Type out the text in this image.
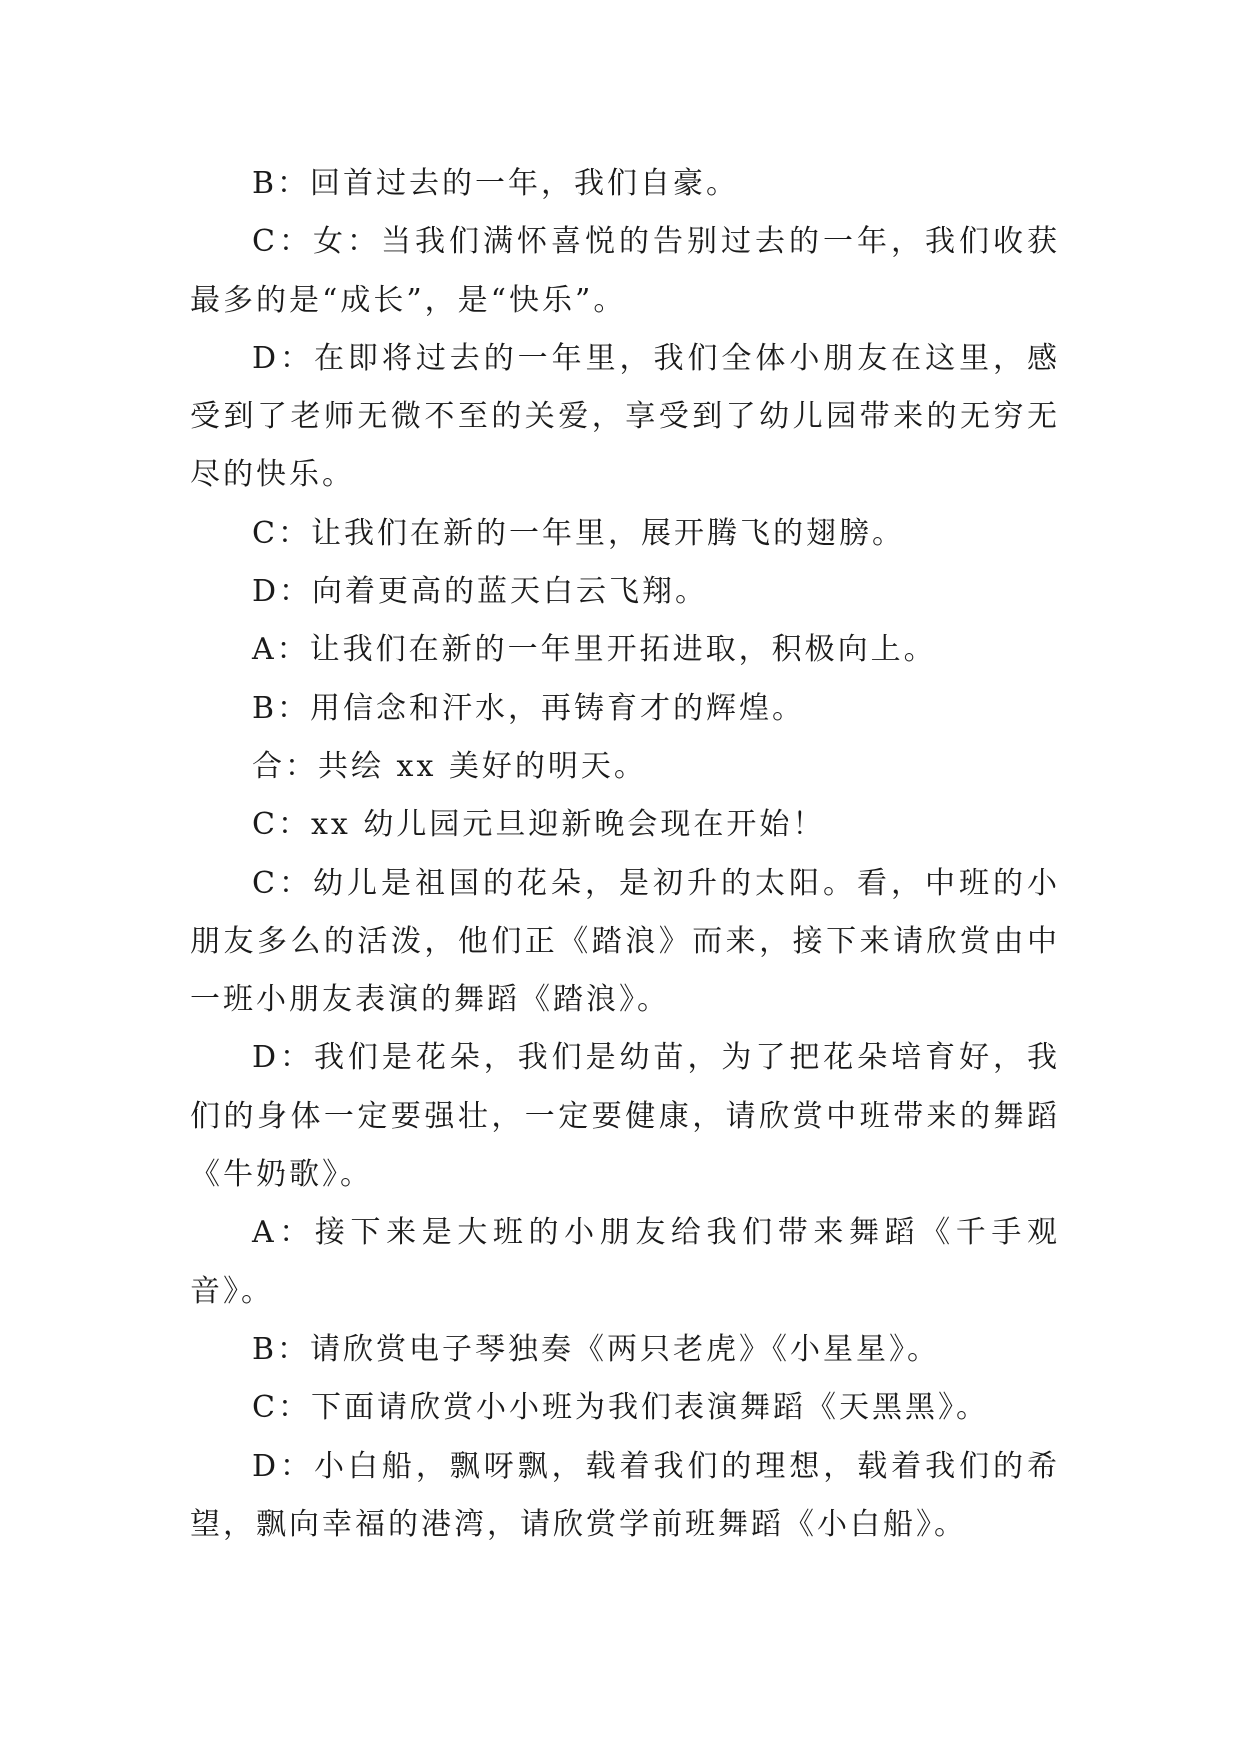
B：回首过去的一年，我们自豪。

C：女：当我们满怀喜悦的告别过去的一年，我们收获最多的是“成长”，是“快乐”。

D：在即将过去的一年里，我们全体小朋友在这里，感受到了老师无微不至的关爱，享受到了幼儿园带来的无穷无尽的快乐。

C：让我们在新的一年里，展开腾飞的翅膀。

D：向着更高的蓝天白云飞翔。

A：让我们在新的一年里开拓进取，积极向上。

B：用信念和汗水，再铸育才的辉煌。

合：共绘 xx 美好的明天。

C：xx 幼儿园元旦迎新晚会现在开始！

C：幼儿是祖国的花朵，是初升的太阳。看，中班的小朋友多么的活泼，他们正《踏浪》而来，接下来请欣赏由中一班小朋友表演的舞蹈《踏浪》。

D：我们是花朵，我们是幼苗，为了把花朵培育好，我们的身体一定要强壮，一定要健康，请欣赏中班带来的舞蹈《牛奶歌》。

A：接下来是大班的小朋友给我们带来舞蹈《千手观音》。

B：请欣赏电子琴独奏《两只老虎》《小星星》。

C：下面请欣赏小小班为我们表演舞蹈《天黑黑》。

D：小白船，飘呀飘，载着我们的理想，载着我们的希望，飘向幸福的港湾，请欣赏学前班舞蹈《小白船》。
